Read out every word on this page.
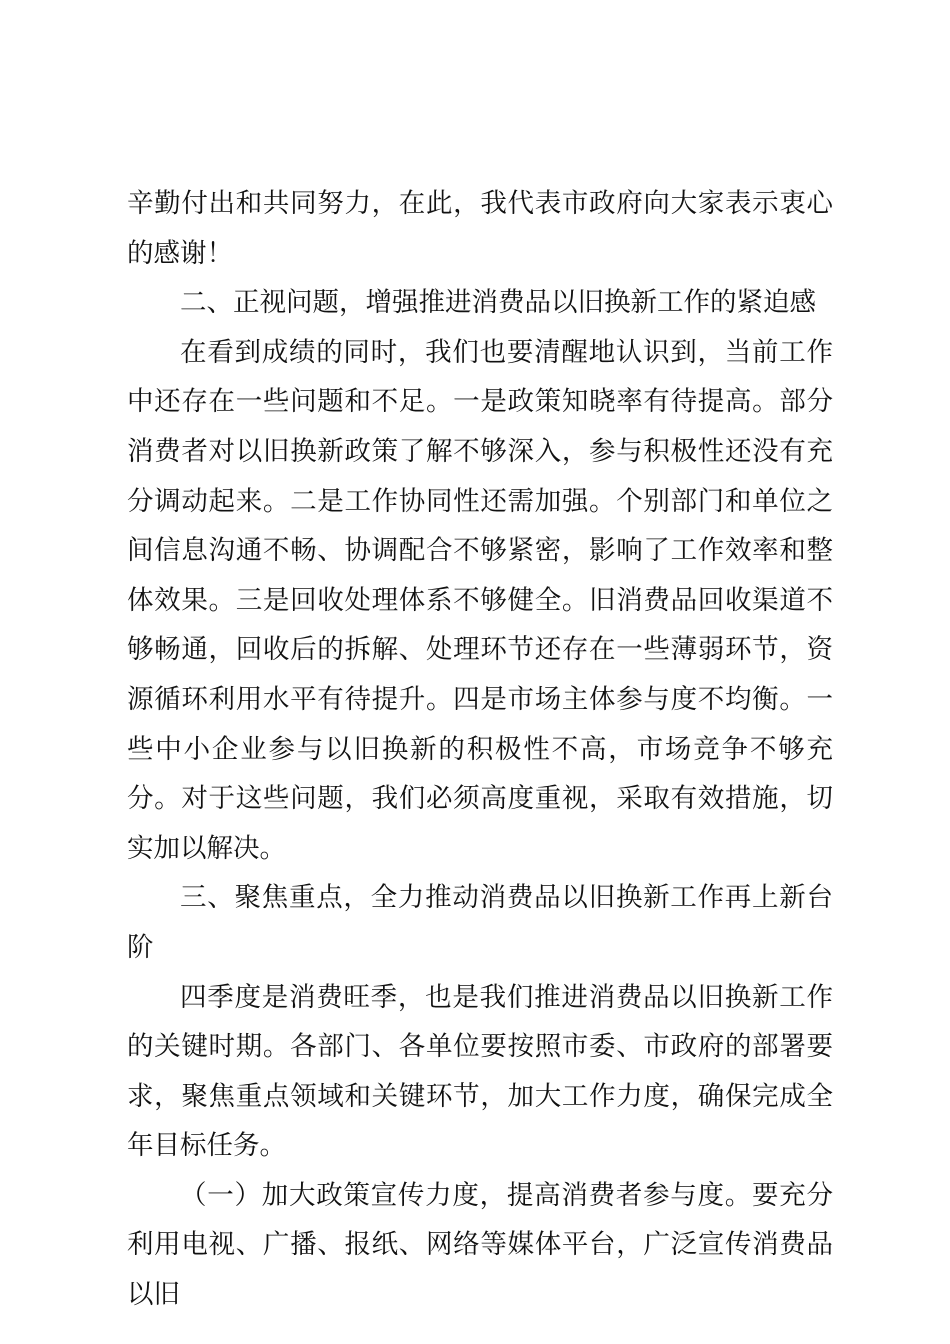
辛勤付出和共同努力，在此，我代表市政府向大家表示衷心的感谢！

二、正视问题，增强推进消费品以旧换新工作的紧迫感

在看到成绩的同时，我们也要清醒地认识到，当前工作中还存在一些问题和不足。一是政策知晓率有待提高。部分消费者对以旧换新政策了解不够深入，参与积极性还没有充分调动起来。二是工作协同性还需加强。个别部门和单位之间信息沟通不畅、协调配合不够紧密，影响了工作效率和整体效果。三是回收处理体系不够健全。旧消费品回收渠道不够畅通，回收后的拆解、处理环节还存在一些薄弱环节，资源循环利用水平有待提升。四是市场主体参与度不均衡。一些中小企业参与以旧换新的积极性不高，市场竞争不够充分。对于这些问题，我们必须高度重视，采取有效措施，切实加以解决。

三、聚焦重点，全力推动消费品以旧换新工作再上新台阶

四季度是消费旺季，也是我们推进消费品以旧换新工作的关键时期。各部门、各单位要按照市委、市政府的部署要求，聚焦重点领域和关键环节，加大工作力度，确保完成全年目标任务。

（一）加大政策宣传力度，提高消费者参与度。要充分利用电视、广播、报纸、网络等媒体平台，广泛宣传消费品以旧
